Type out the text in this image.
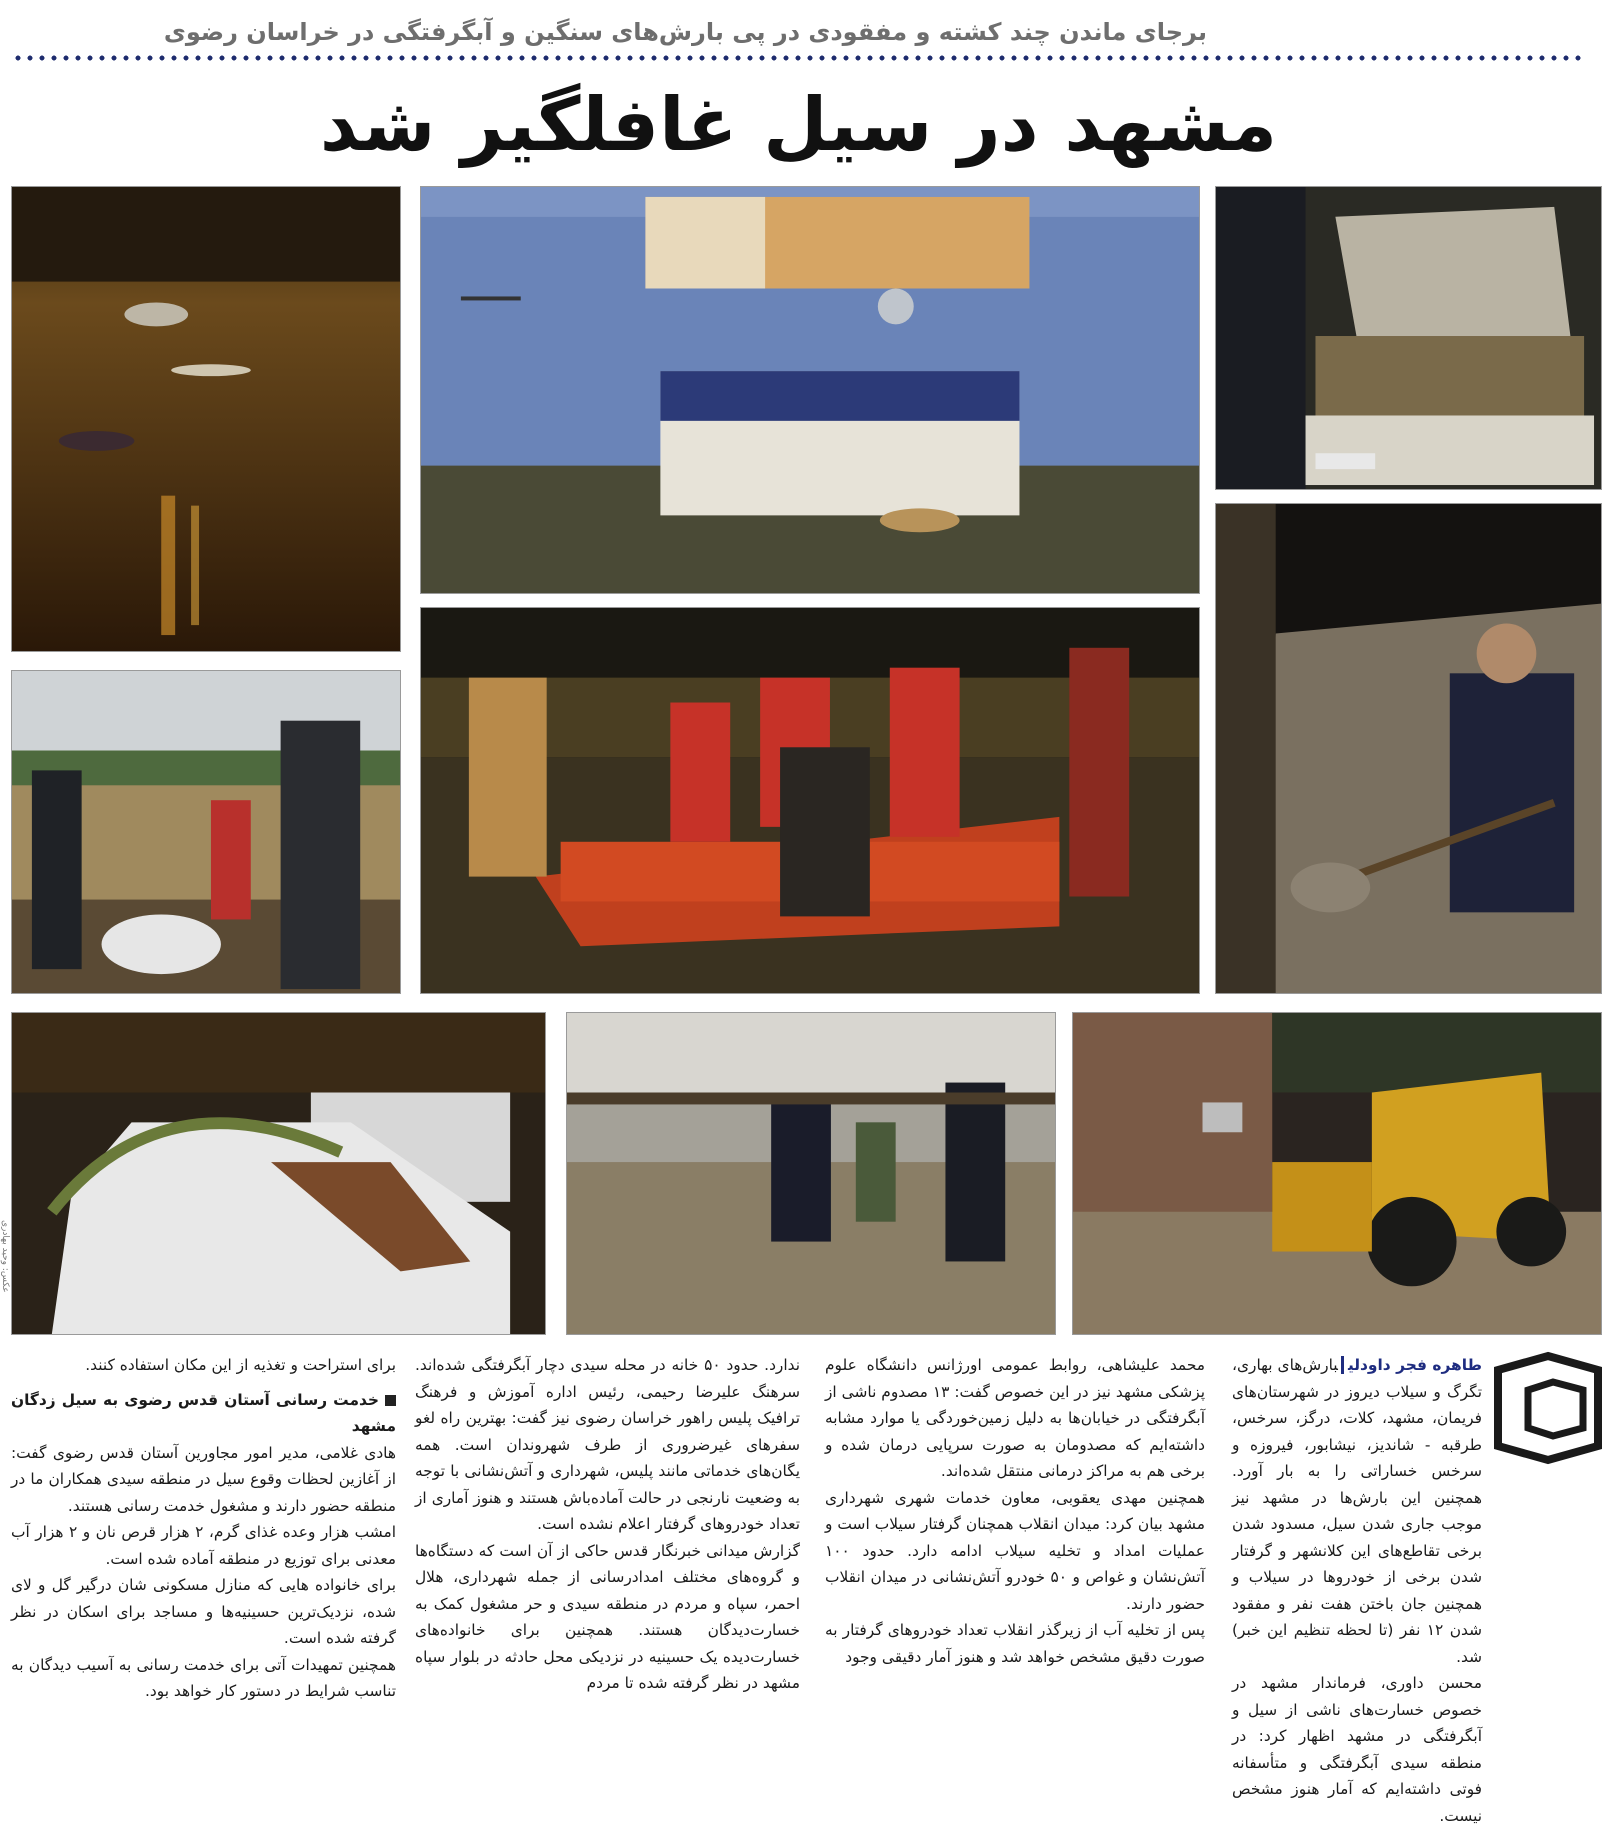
برجای ماندن چند کشته و مفقودی در پی بارش‌های سنگین و آبگرفتگی در خراسان رضوی
مشهد در سیل غافلگیر شد
عکس: وحید بهادری

طاهره فجر داودلیبارش‌های بهاری، تگرگ و سیلاب دیروز در شهرستان‌های فریمان، مشهد، کلات، درگز، سرخس، طرقبه - شاندیز، نیشابور، فیروزه و سرخس خساراتی را به بار آورد. همچنین این بارش‌ها در مشهد نیز موجب جاری شدن سیل، مسدود شدن برخی تقاطع‌های این کلانشهر و گرفتار شدن برخی از خودروها در سیلاب و همچنین جان باختن هفت نفر و مفقود شدن ۱۲ نفر (تا لحظه تنظیم این خبر) شد.

محسن داوری، فرماندار مشهد در خصوص خسارت‌های ناشی از سیل و آبگرفتگی در مشهد اظهار کرد: در منطقه سیدی آبگرفتگی و متأسفانه فوتی داشته‌ایم که آمار هنوز مشخص نیست.

محمد علیشاهی، روابط عمومی اورژانس دانشگاه علوم پزشکی مشهد نیز در این خصوص گفت: ۱۳ مصدوم ناشی از آبگرفتگی در خیابان‌ها به دلیل زمین‌خوردگی یا موارد مشابه داشته‌ایم که مصدومان به صورت سرپایی درمان شده و برخی هم به مراکز درمانی منتقل شده‌اند.

همچنین مهدی یعقوبی، معاون خدمات شهری شهرداری مشهد بیان کرد: میدان انقلاب همچنان گرفتار سیلاب است و عملیات امداد و تخلیه سیلاب ادامه دارد. حدود ۱۰۰ آتش‌نشان و غواص و ۵۰ خودرو آتش‌نشانی در میدان انقلاب حضور دارند.

پس از تخلیه آب از زیرگذر انقلاب تعداد خودروهای گرفتار به صورت دقیق مشخص خواهد شد و هنوز آمار دقیقی وجود

ندارد. حدود ۵۰ خانه در محله سیدی دچار آبگرفتگی شده‌اند. سرهنگ علیرضا رحیمی، رئیس اداره آموزش و فرهنگ ترافیک پلیس راهور خراسان رضوی نیز گفت: بهترین راه لغو سفرهای غیرضروری از طرف شهروندان است. همه یگان‌های خدماتی مانند پلیس، شهرداری و آتش‌نشانی با توجه به وضعیت نارنجی در حالت آماده‌باش هستند و هنوز آماری از تعداد خودروهای گرفتار اعلام نشده است.

گزارش میدانی خبرنگار قدس حاکی از آن است که دستگاه‌ها و گروه‌های مختلف امدادرسانی از جمله شهرداری، هلال احمر، سپاه و مردم در منطقه سیدی و حر مشغول کمک به خسارت‌دیدگان هستند. همچنین برای خانواده‌های خسارت‌دیده یک حسینیه در نزدیکی محل حادثه در بلوار سپاه مشهد در نظر گرفته شده تا مردم

برای استراحت و تغذیه از این مکان استفاده کنند.

خدمت رسانی آستان قدس رضوی به سیل زدگان مشهد

هادی غلامی، مدیر امور مجاورین آستان قدس رضوی گفت: از آغازین لحظات وقوع سیل در منطقه سیدی همکاران ما در منطقه حضور دارند و مشغول خدمت رسانی هستند.

امشب هزار وعده غذای گرم، ۲ هزار قرص نان و ۲ هزار آب معدنی برای توزیع در منطقه آماده شده است.

برای خانواده هایی که منازل مسکونی شان درگیر گل و لای شده، نزدیک‌ترین حسینیه‌ها و مساجد برای اسکان در نظر گرفته شده است.

همچنین تمهیدات آتی برای خدمت رسانی به آسیب دیدگان به تناسب شرایط در دستور کار خواهد بود.
